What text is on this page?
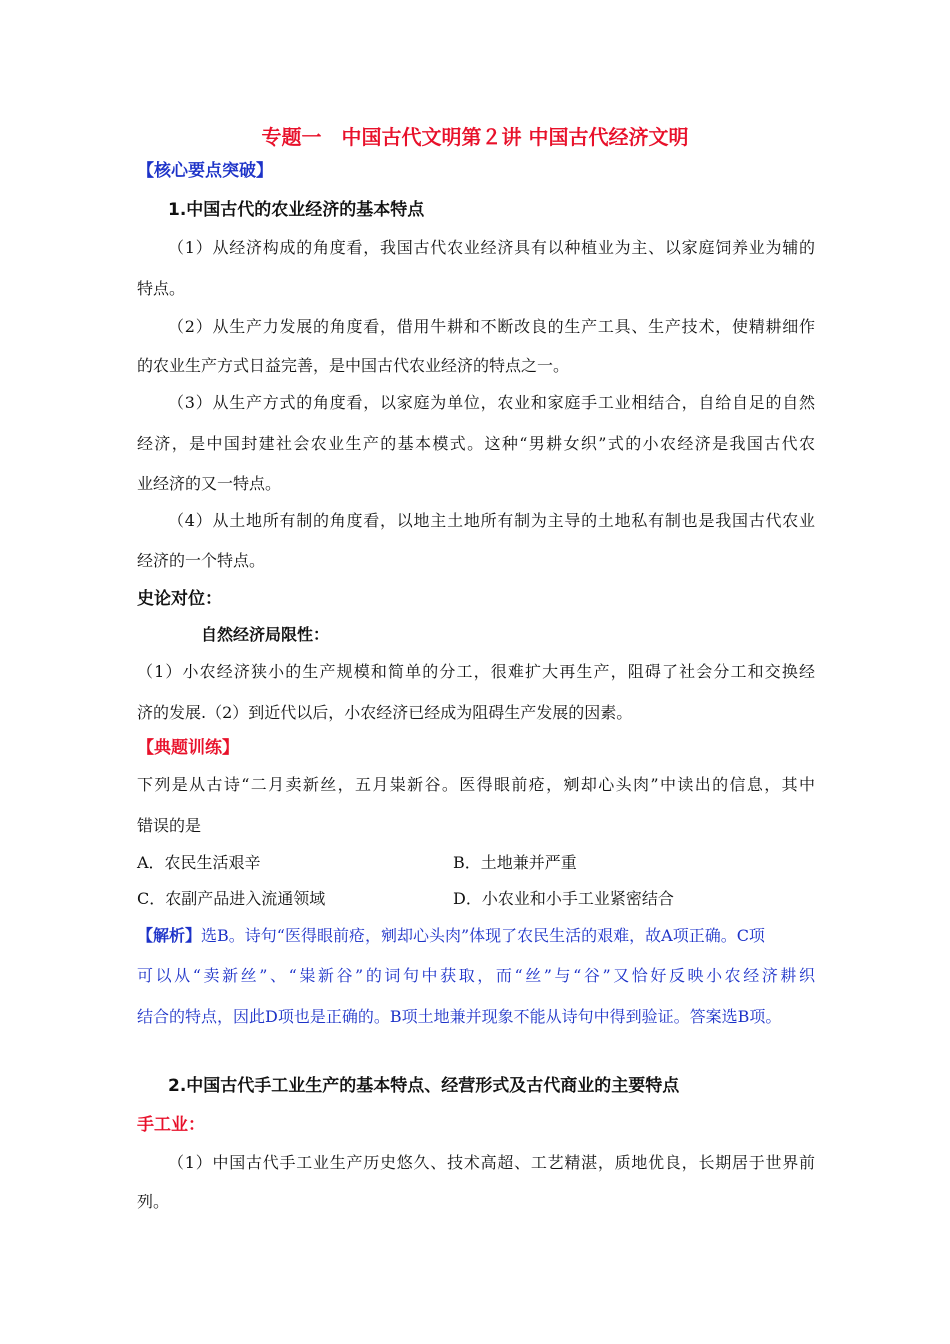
专题一　中国古代文明第２讲 中国古代经济文明
【核心要点突破】
1.中国古代的农业经济的基本特点
（1）从经济构成的角度看，我国古代农业经济具有以种植业为主、以家庭饲养业为辅的
特点。
（2）从生产力发展的角度看，借用牛耕和不断改良的生产工具、生产技术，使精耕细作
的农业生产方式日益完善，是中国古代农业经济的特点之一。
（3）从生产方式的角度看，以家庭为单位，农业和家庭手工业相结合，自给自足的自然
经济，是中国封建社会农业生产的基本模式。这种“男耕女织”式的小农经济是我国古代农
业经济的又一特点。
（4）从土地所有制的角度看，以地主土地所有制为主导的土地私有制也是我国古代农业
经济的一个特点。
史论对位：
自然经济局限性：
（1）小农经济狭小的生产规模和简单的分工，很难扩大再生产，阻碍了社会分工和交换经
济的发展.（2）到近代以后，小农经济已经成为阻碍生产发展的因素。
【典题训练】
下列是从古诗“二月卖新丝，五月粜新谷。医得眼前疮，剜却心头肉”中读出的信息，其中
错误的是
A．农民生活艰辛	B．土地兼并严重
C．农副产品进入流通领域	D．小农业和小手工业紧密结合
【解析】选B。诗句“医得眼前疮，剜却心头肉”体现了农民生活的艰难，故A项正确。C项
可以从“卖新丝”、“粜新谷”的词句中获取，而“丝”与“谷”又恰好反映小农经济耕织
结合的特点，因此D项也是正确的。B项土地兼并现象不能从诗句中得到验证。答案选B项。
2.中国古代手工业生产的基本特点、经营形式及古代商业的主要特点
手工业：
（1）中国古代手工业生产历史悠久、技术高超、工艺精湛，质地优良，长期居于世界前
列。
